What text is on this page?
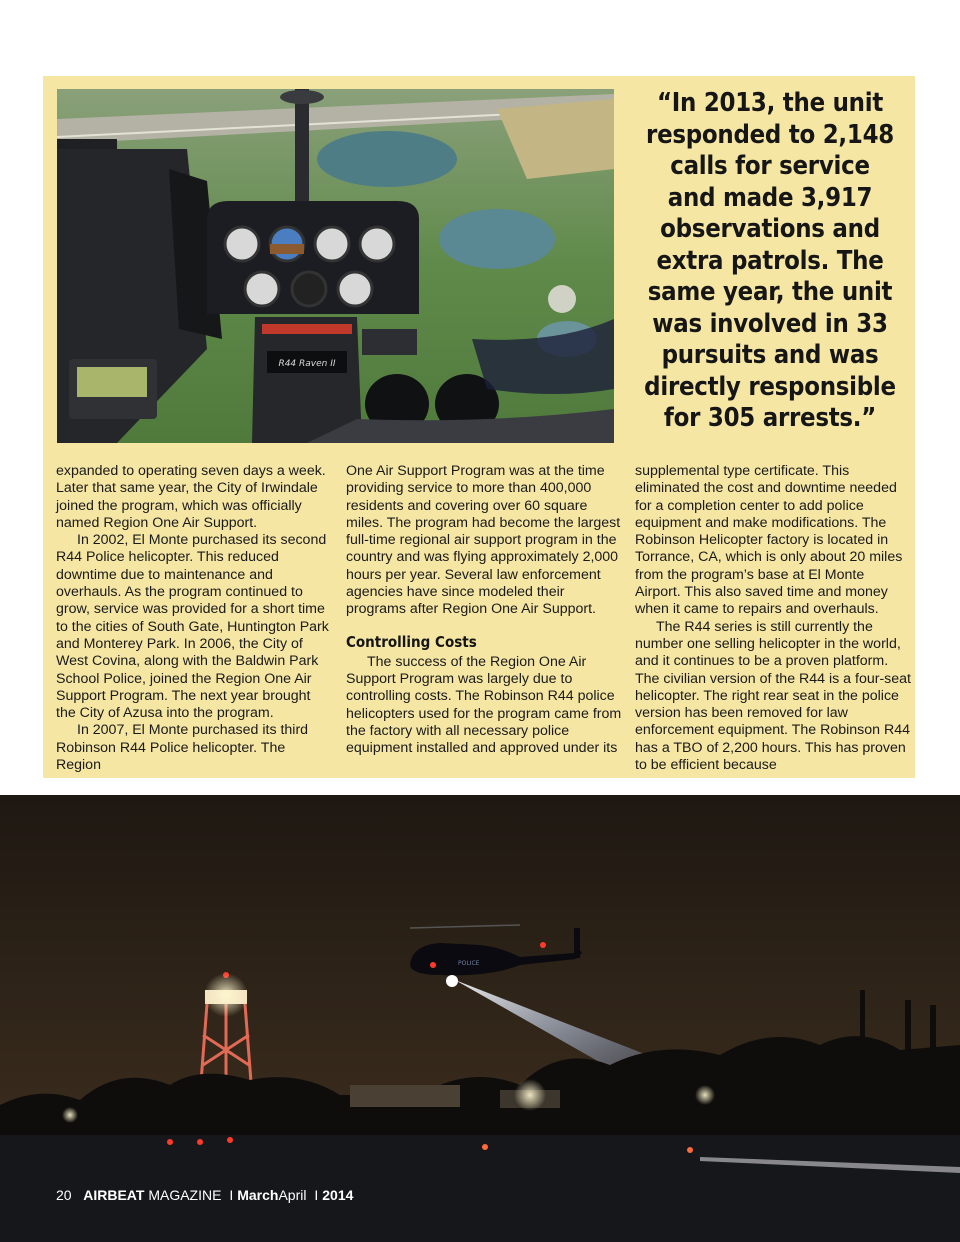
R44 Raven II
“In 2013, the unit responded to 2,148 calls for service and made 3,917 observations and extra patrols. The same year, the unit was involved in 33 pursuits and was directly responsible for 305 arrests.”

expanded to operating seven days a week. Later that same year, the City of Irwindale joined the program, which was officially named Region One Air Support.

In 2002, El Monte purchased its second R44 Police helicopter. This reduced downtime due to maintenance and overhauls. As the program continued to grow, service was provided for a short time to the cities of South Gate, Huntington Park and Monterey Park. In 2006, the City of West Covina, along with the Baldwin Park School Police, joined the Region One Air Support Program. The next year brought the City of Azusa into the program.

In 2007, El Monte purchased its third Robinson R44 Police helicopter. The Region

One Air Support Program was at the time providing service to more than 400,000 residents and covering over 60 square miles. The program had become the largest full-time regional air support program in the country and was flying approximately 2,000 hours per year. Several law enforcement agencies have since modeled their programs after Region One Air Support.

Controlling Costs

The success of the Region One Air Support Program was largely due to controlling costs. The Robinson R44 police helicopters used for the program came from the factory with all necessary police equipment installed and approved under its

supplemental type certificate. This eliminated the cost and downtime needed for a completion center to add police equipment and make modifications. The Robinson Helicopter factory is located in Torrance, CA, which is only about 20 miles from the program’s base at El Monte Airport. This also saved time and money when it came to repairs and overhauls.

The R44 series is still currently the number one selling helicopter in the world, and it continues to be a proven platform. The civilian version of the R44 is a four-seat helicopter. The right rear seat in the police version has been removed for law enforcement equipment. The Robinson R44 has a TBO of 2,200 hours. This has proven to be efficient because

POLICE
20 AIRBEAT MAGAZINE I MarchApril I 2014
